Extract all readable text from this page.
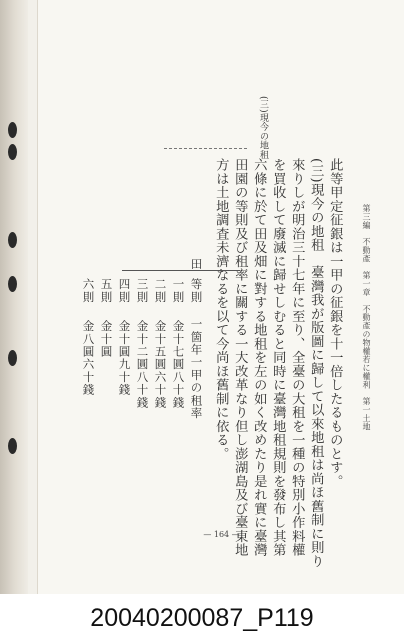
第三編　不動產　第一章　不動產の物權若に權利　第一土地
(三)現今の地租
此等甲定征銀は一甲の征銀を十一倍したるものとす。
(三)現今の地租　臺灣我が版圖に歸して以來地租は尚ほ舊制に則り
來りしが明治三十七年に至り、全臺の大租を一種の特別小作料權
を買收して廢滅に歸せしむると同時に臺灣地租規則を發布し其第
六條に於て田及畑に對する地租を左の如く改めたり是れ實に臺灣
田園の等則及び租率に關する一大改革なり但し澎湖島及び臺東地
方は土地調査未濟なるを以て今尚ほ舊制に依る。
田
等則
一箇年一甲の租率
一則
金十七圓八十錢
二則
金十五圓六十錢
三則
金十二圓八十錢
四則
金十圓九十錢
五則
金十圓
六則
金八圓六十錢
— 164 —
20040200087_P119
